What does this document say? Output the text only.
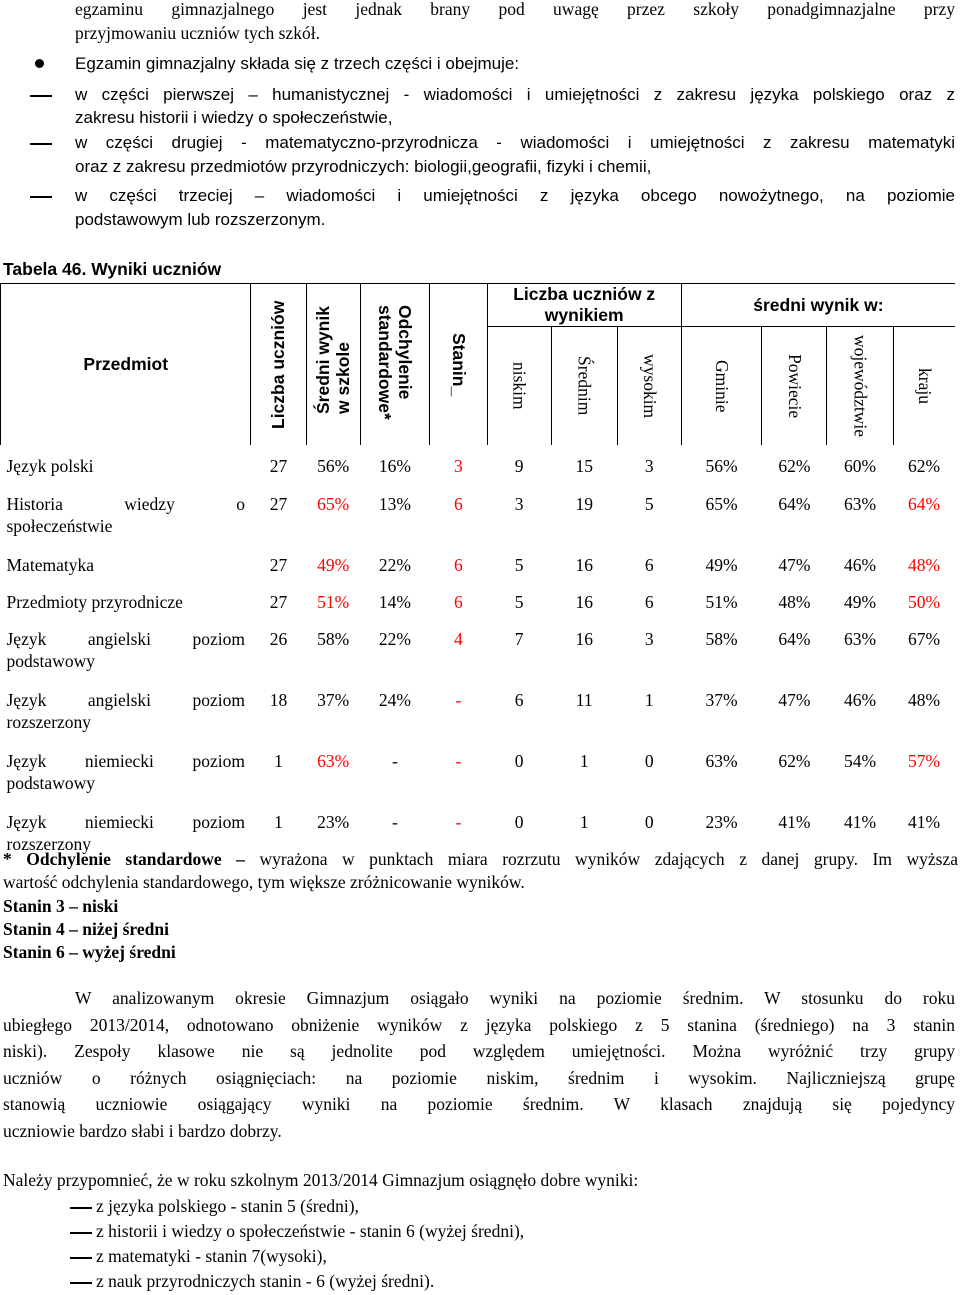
egzaminu gimnazjalnego jest jednak brany pod uwagę przez szkoły ponadgimnazjalne przy
przyjmowaniu uczniów tych szkół.
Egzamin gimnazjalny składa się z trzech części i obejmuje:
w części pierwszej – humanistycznej - wiadomości i umiejętności z zakresu języka polskiego oraz z
zakresu historii i wiedzy o społeczeństwie,
w części drugiej - matematyczno-przyrodnicza - wiadomości i umiejętności z zakresu matematyki
oraz z zakresu przedmiotów przyrodniczych: biologii,geografii, fizyki i chemii,
w części trzeciej – wiadomości i umiejętności z języka obcego nowożytnego, na poziomie
podstawowym lub rozszerzonym.
Tabela 46. Wyniki uczniów
Przedmiot	Liczba uczniów	Średni wynik
w szkole	Odchylenie
standardowe*	Stanin_	Liczba uczniów z wynikiem			średni wynik w:			

					niskim	Średnim	wysokim	Gminie	Powiecie	województwie	kraju

Język polski	27	56%	16%	3	9	15	3	56%	62%	60%	62%

Historia wiedzy o
społeczeństwie	27	65%	13%	6	3	19	5	65%	64%	63%	64%

Matematyka	27	49%	22%	6	5	16	6	49%	47%	46%	48%

Przedmioty przyrodnicze	27	51%	14%	6	5	16	6	51%	48%	49%	50%

Język angielski poziom
podstawowy	26	58%	22%	4	7	16	3	58%	64%	63%	67%

Język angielski poziom
rozszerzony	18	37%	24%	-	6	11	1	37%	47%	46%	48%

Język niemiecki poziom
podstawowy	1	63%	-	-	0	1	0	63%	62%	54%	57%

Język niemiecki poziom
rozszerzony	1	23%	-	-	0	1	0	23%	41%	41%	41%
* Odchylenie standardowe – wyrażona w punktach miara rozrzutu wyników zdających z danej grupy. Im wyższa
wartość odchylenia standardowego, tym większe zróżnicowanie wyników.
Stanin 3 – niski
Stanin 4 – niżej średni
Stanin 6 – wyżej średni
W analizowanym okresie Gimnazjum osiągało wyniki na poziomie średnim. W stosunku do roku
ubiegłego 2013/2014, odnotowano obniżenie wyników z języka polskiego z 5 stanina (średniego) na 3 stanin
niski). Zespoły klasowe nie są jednolite pod względem umiejętności. Można wyróżnić trzy grupy
uczniów o różnych osiągnięciach: na poziomie niskim, średnim i wysokim. Najliczniejszą grupę
stanowią uczniowie osiągający wyniki na poziomie średnim. W klasach znajdują się pojedyncy
uczniowie bardzo słabi i bardzo dobrzy.
Należy przypomnieć, że w roku szkolnym 2013/2014 Gimnazjum osiągnęło dobre wyniki:
z języka polskiego - stanin 5 (średni),
z historii i wiedzy o społeczeństwie - stanin 6 (wyżej średni),
z matematyki - stanin 7(wysoki),
z nauk przyrodniczych stanin - 6 (wyżej średni).
